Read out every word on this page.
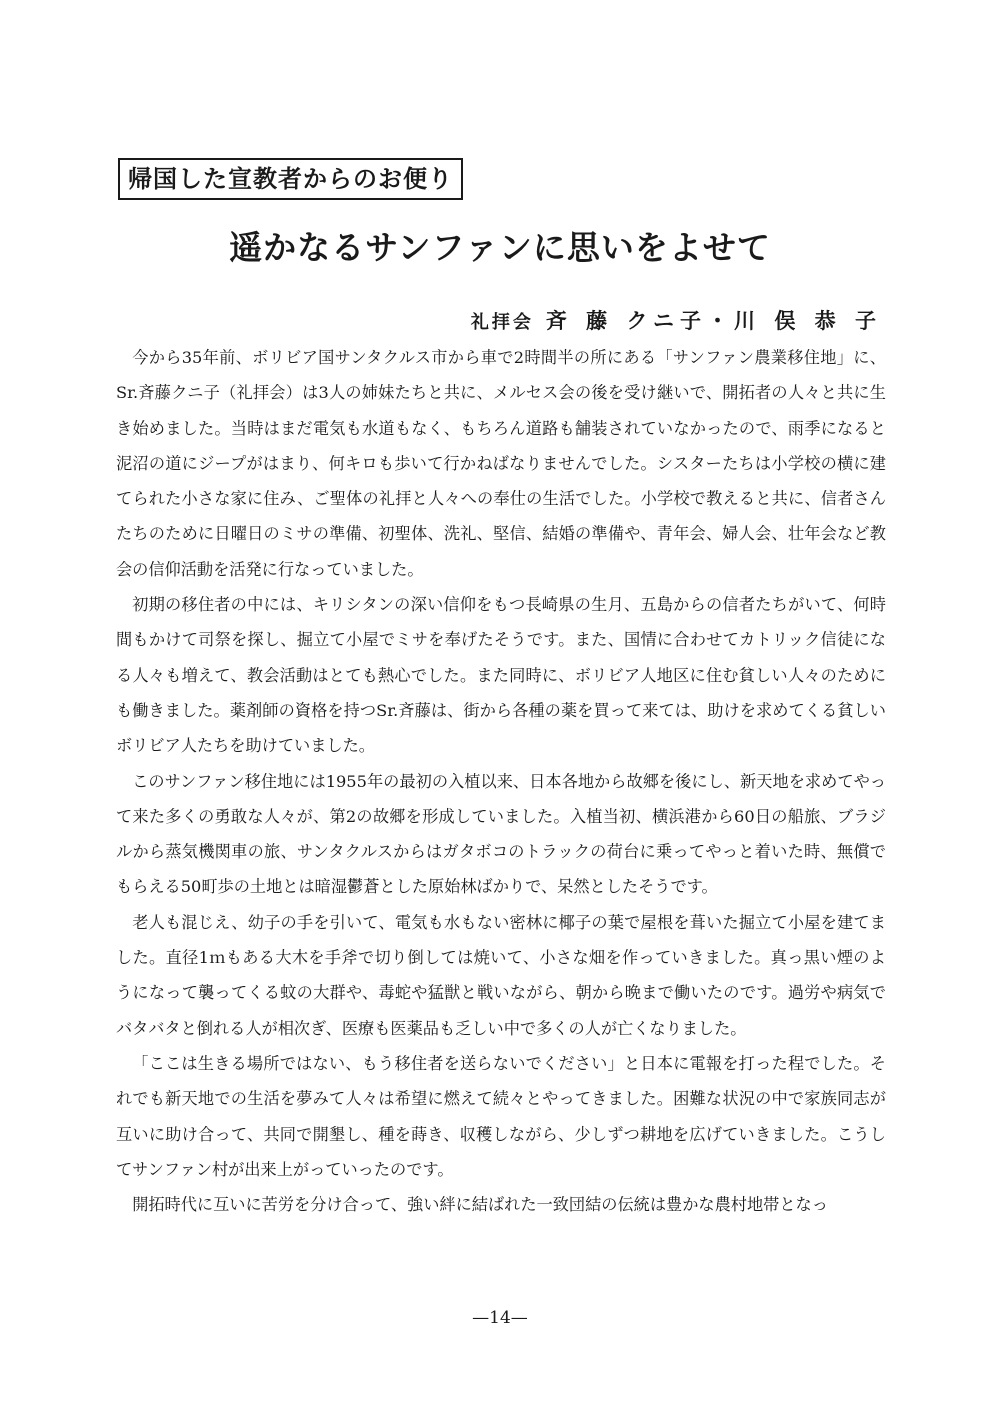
帰国した宣教者からのお便り
遥かなるサンファンに思いをよせて
礼拝会 斉 藤 クニ子・川 俣 恭 子

今から35年前、ボリビア国サンタクルス市から車で2時間半の所にある「サンファン農業移住地」に、Sr.斉藤クニ子（礼拝会）は3人の姉妹たちと共に、メルセス会の後を受け継いで、開拓者の人々と共に生き始めました。当時はまだ電気も水道もなく、もちろん道路も舗装されていなかったので、雨季になると泥沼の道にジープがはまり、何キロも歩いて行かねばなりませんでした。シスターたちは小学校の横に建てられた小さな家に住み、ご聖体の礼拝と人々への奉仕の生活でした。小学校で教えると共に、信者さんたちのために日曜日のミサの準備、初聖体、洗礼、堅信、結婚の準備や、青年会、婦人会、壮年会など教会の信仰活動を活発に行なっていました。

初期の移住者の中には、キリシタンの深い信仰をもつ長崎県の生月、五島からの信者たちがいて、何時間もかけて司祭を探し、掘立て小屋でミサを奉げたそうです。また、国情に合わせてカトリック信徒になる人々も増えて、教会活動はとても熱心でした。また同時に、ボリビア人地区に住む貧しい人々のためにも働きました。薬剤師の資格を持つSr.斉藤は、街から各種の薬を買って来ては、助けを求めてくる貧しいボリビア人たちを助けていました。

このサンファン移住地には1955年の最初の入植以来、日本各地から故郷を後にし、新天地を求めてやって来た多くの勇敢な人々が、第2の故郷を形成していました。入植当初、横浜港から60日の船旅、ブラジルから蒸気機関車の旅、サンタクルスからはガタボコのトラックの荷台に乗ってやっと着いた時、無償でもらえる50町歩の土地とは暗湿鬱蒼とした原始林ばかりで、呆然としたそうです。

老人も混じえ、幼子の手を引いて、電気も水もない密林に椰子の葉で屋根を葺いた掘立て小屋を建てました。直径1ｍもある大木を手斧で切り倒しては焼いて、小さな畑を作っていきました。真っ黒い煙のようになって襲ってくる蚊の大群や、毒蛇や猛獣と戦いながら、朝から晩まで働いたのです。過労や病気でバタバタと倒れる人が相次ぎ、医療も医薬品も乏しい中で多くの人が亡くなりました。

「ここは生きる場所ではない、もう移住者を送らないでください」と日本に電報を打った程でした。それでも新天地での生活を夢みて人々は希望に燃えて続々とやってきました。困難な状況の中で家族同志が互いに助け合って、共同で開墾し、種を蒔き、収穫しながら、少しずつ耕地を広げていきました。こうしてサンファン村が出来上がっていったのです。

開拓時代に互いに苦労を分け合って、強い絆に結ばれた一致団結の伝統は豊かな農村地帯となっ

—14—
